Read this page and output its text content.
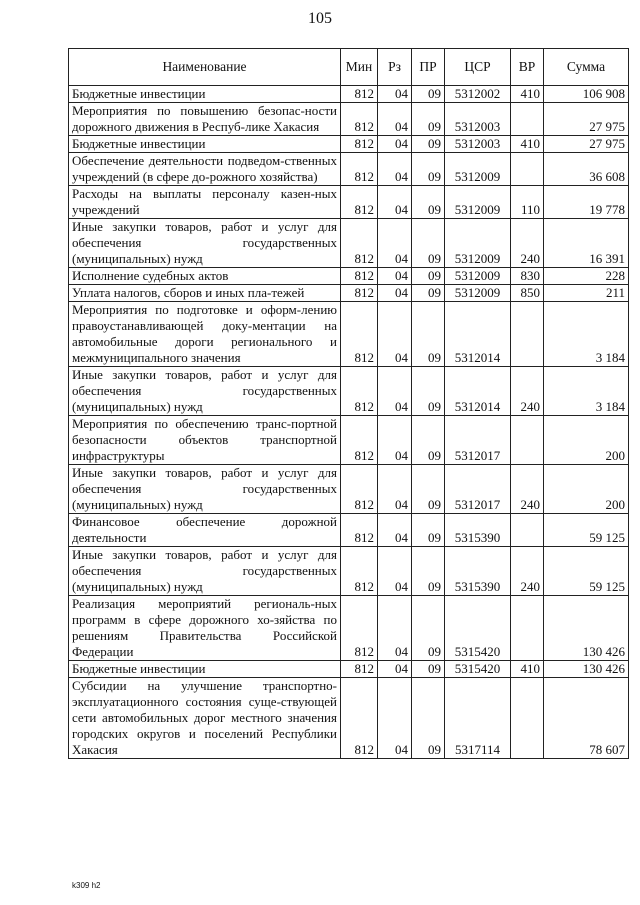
105
Наименование	Мин	Рз	ПР	ЦСР	ВР	Сумма
Бюджетные инвестиции	812	04	09	5312002	410	106 908
Мероприятия по повышению безопас-ности дорожного движения в Респуб-лике Хакасия	812	04	09	5312003		27 975
Бюджетные инвестиции	812	04	09	5312003	410	27 975
Обеспечение деятельности подведом-ственных учреждений (в сфере до-рожного хозяйства)	812	04	09	5312009		36 608
Расходы на выплаты персоналу казен-ных учреждений	812	04	09	5312009	110	19 778
Иные закупки товаров, работ и услуг для обеспечения государственных (муниципальных) нужд	812	04	09	5312009	240	16 391
Исполнение судебных актов	812	04	09	5312009	830	228
Уплата налогов, сборов и иных пла-тежей	812	04	09	5312009	850	211
Мероприятия по подготовке и оформ-лению правоустанавливающей доку-ментации на автомобильные дороги регионального и межмуниципального значения	812	04	09	5312014		3 184
Иные закупки товаров, работ и услуг для обеспечения государственных (муниципальных) нужд	812	04	09	5312014	240	3 184
Мероприятия по обеспечению транс-портной безопасности объектов транспортной инфраструктуры	812	04	09	5312017		200
Иные закупки товаров, работ и услуг для обеспечения государственных (муниципальных) нужд	812	04	09	5312017	240	200
Финансовое обеспечение дорожной деятельности	812	04	09	5315390		59 125
Иные закупки товаров, работ и услуг для обеспечения государственных (муниципальных) нужд	812	04	09	5315390	240	59 125
Реализация мероприятий региональ-ных программ в сфере дорожного хо-зяйства по решениям Правительства Российской Федерации	812	04	09	5315420		130 426
Бюджетные инвестиции	812	04	09	5315420	410	130 426
Субсидии на улучшение транспортно-эксплуатационного состояния суще-ствующей сети автомобильных дорог местного значения городских округов и поселений Республики Хакасия	812	04	09	5317114		78 607
k309 h2
